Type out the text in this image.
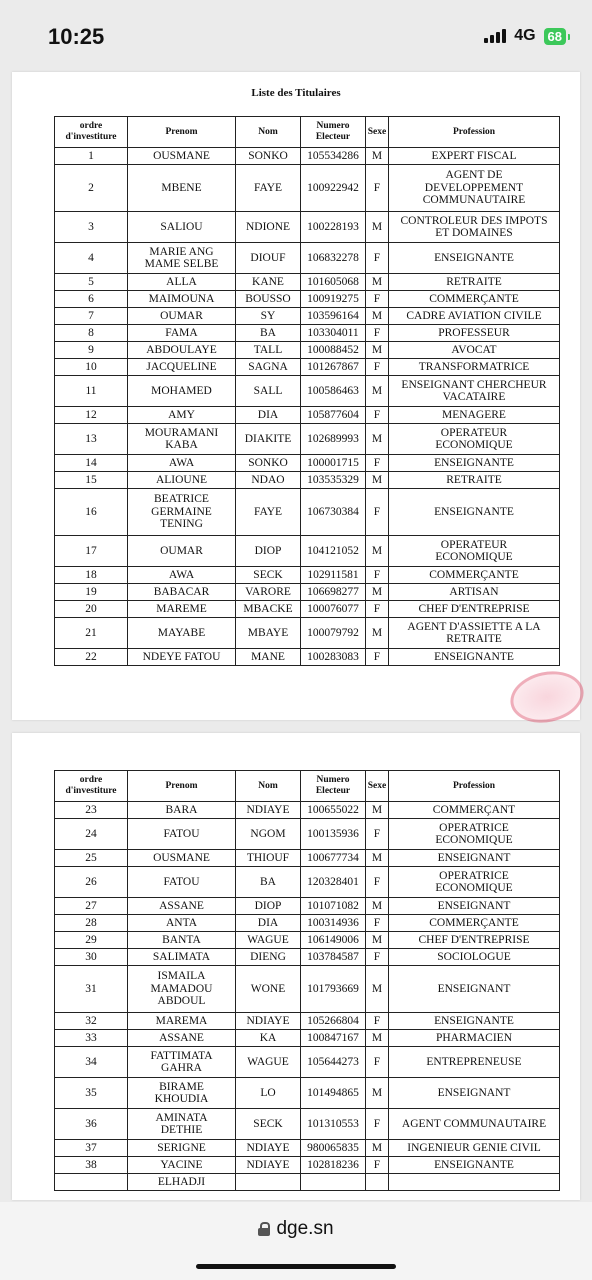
10:25	4G 68
Liste des Titulaires
ordre
d'investiture	Prenom	Nom	Numero
Electeur	Sexe	Profession
1	OUSMANE	SONKO	105534286	M	EXPERT FISCAL
2	MBENE	FAYE	100922942	F	AGENT DE
DEVELOPPEMENT
COMMUNAUTAIRE
3	SALIOU	NDIONE	100228193	M	CONTROLEUR DES IMPOTS
ET DOMAINES
4	MARIE ANG
MAME SELBE	DIOUF	106832278	F	ENSEIGNANTE
5	ALLA	KANE	101605068	M	RETRAITE
6	MAIMOUNA	BOUSSO	100919275	F	COMMERÇANTE
7	OUMAR	SY	103596164	M	CADRE AVIATION CIVILE
8	FAMA	BA	103304011	F	PROFESSEUR
9	ABDOULAYE	TALL	100088452	M	AVOCAT
10	JACQUELINE	SAGNA	101267867	F	TRANSFORMATRICE
11	MOHAMED	SALL	100586463	M	ENSEIGNANT CHERCHEUR
VACATAIRE
12	AMY	DIA	105877604	F	MENAGERE
13	MOURAMANI
KABA	DIAKITE	102689993	M	OPERATEUR
ECONOMIQUE
14	AWA	SONKO	100001715	F	ENSEIGNANTE
15	ALIOUNE	NDAO	103535329	M	RETRAITE
16	BEATRICE
GERMAINE
TENING	FAYE	106730384	F	ENSEIGNANTE
17	OUMAR	DIOP	104121052	M	OPERATEUR
ECONOMIQUE
18	AWA	SECK	102911581	F	COMMERÇANTE
19	BABACAR	VARORE	106698277	M	ARTISAN
20	MAREME	MBACKE	100076077	F	CHEF D'ENTREPRISE
21	MAYABE	MBAYE	100079792	M	AGENT D'ASSIETTE A LA
RETRAITE
22	NDEYE FATOU	MANE	100283083	F	ENSEIGNANTE
ordre
d'investiture	Prenom	Nom	Numero
Electeur	Sexe	Profession
23	BARA	NDIAYE	100655022	M	COMMERÇANT
24	FATOU	NGOM	100135936	F	OPERATRICE
ECONOMIQUE
25	OUSMANE	THIOUF	100677734	M	ENSEIGNANT
26	FATOU	BA	120328401	F	OPERATRICE
ECONOMIQUE
27	ASSANE	DIOP	101071082	M	ENSEIGNANT
28	ANTA	DIA	100314936	F	COMMERÇANTE
29	BANTA	WAGUE	106149006	M	CHEF D'ENTREPRISE
30	SALIMATA	DIENG	103784587	F	SOCIOLOGUE
31	ISMAILA
MAMADOU
ABDOUL	WONE	101793669	M	ENSEIGNANT
32	MAREMA	NDIAYE	105266804	F	ENSEIGNANTE
33	ASSANE	KA	100847167	M	PHARMACIEN
34	FATTIMATA
GAHRA	WAGUE	105644273	F	ENTREPRENEUSE
35	BIRAME
KHOUDIA	LO	101494865	M	ENSEIGNANT
36	AMINATA
DETHIE	SECK	101310553	F	AGENT COMMUNAUTAIRE
37	SERIGNE	NDIAYE	980065835	M	INGENIEUR GENIE CIVIL
38	YACINE	NDIAYE	102818236	F	ENSEIGNANTE
	ELHADJI				
dge.sn
